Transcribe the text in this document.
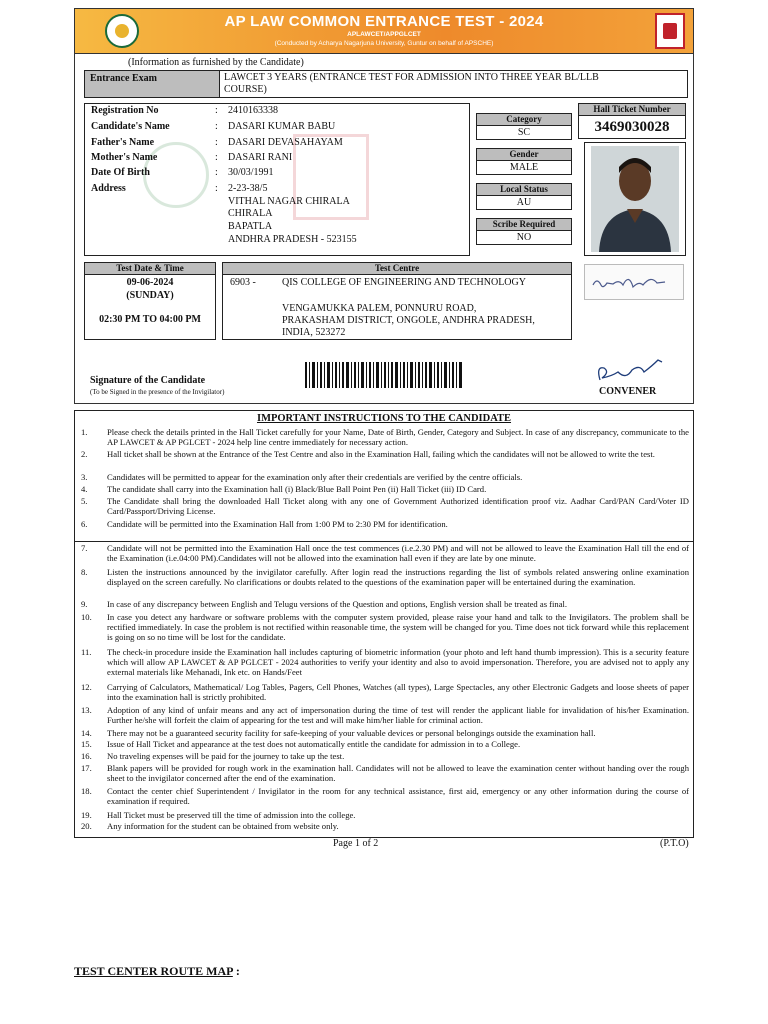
AP LAW COMMON ENTRANCE TEST - 2024
APLAWCET/APPGLCET
(Conducted by Acharya Nagarjuna University, Guntur on behalf of APSCHE)
(Information as furnished by the Candidate)
Entrance Exam	LAWCET 3 YEARS (ENTRANCE TEST FOR ADMISSION INTO THREE YEAR BL/LLB
COURSE)
Registration No	: 2410163338
Candidate's Name	: DASARI KUMAR BABU
Father's Name	: DASARI DEVASAHAYAM
Mother's Name	: DASARI RANI
Date Of Birth	: 30/03/1991
Address	: 2-23-38/5
VITHAL NAGAR CHIRALA
CHIRALA
BAPATLA
ANDHRA PRADESH - 523155
Category
SC
Gender
MALE
Local Status
AU
Scribe Required
NO
Hall Ticket Number
3469030028
Test Date & Time
09-06-2024
(SUNDAY)
02:30 PM TO 04:00 PM
Test Centre
6903 -	QIS COLLEGE OF ENGINEERING AND TECHNOLOGY
VENGAMUKKA PALEM, PONNURU ROAD,
PRAKASHAM DISTRICT, ONGOLE, ANDHRA PRADESH,
INDIA, 523272
CONVENER
Signature of the Candidate
(To be Signed in the presence of the Invigilator)
IMPORTANT INSTRUCTIONS TO THE CANDIDATE
1.	Please check the details printed in the Hall Ticket carefully for your Name, Date of Birth, Gender, Category and Subject. In case of any discrepancy, communicate to the AP LAWCET & AP PGLCET - 2024 help line centre immediately for necessary action.
2.	Hall ticket shall be shown at the Entrance of the Test Centre and also in the Examination Hall, failing which the candidates will not be allowed to write the test.
3.	Candidates will be permitted to appear for the examination only after their credentials are verified by the centre officials.
4.	The candidate shall carry into the Examination hall (i) Black/Blue Ball Point Pen (ii) Hall Ticket (iii) ID Card.
5.	The Candidate shall bring the downloaded Hall Ticket along with any one of Government Authorized identification proof viz. Aadhar Card/PAN Card/Voter ID Card/Passport/Driving License.
6.	Candidate will be permitted into the Examination Hall from 1:00 PM to 2:30 PM for identification.
7.	Candidate will not be permitted into the Examination Hall once the test commences (i.e.2.30 PM) and will not be allowed to leave the Examination Hall till the end of the Examination (i.e.04:00 PM).Candidates will not be allowed into the examination hall even if they are late by one minute.
8.	Listen the instructions announced by the invigilator carefully. After login read the instructions regarding the list of symbols related answering online examination displayed on the screen carefully. No clarifications or doubts related to the questions of the examination paper will be entertained during the examination.
9.	In case of any discrepancy between English and Telugu versions of the Question and options, English version shall be treated as final.
10.	In case you detect any hardware or software problems with the computer system provided, please raise your hand and talk to the Invigilators. The problem shall be rectified immediately. In case the problem is not rectified within reasonable time, the system will be changed for you. Time does not tick forward while this replacement is going on so no time will be lost for the candidate.
11.	The check-in procedure inside the Examination hall includes capturing of biometric information (your photo and left hand thumb impression). This is a security feature which will allow AP LAWCET & AP PGLCET - 2024 authorities to verify your identity and also to avoid impersonation. Therefore, you are advised not to apply any external materials like Mehanadi, Ink etc. on Hands/Feet
12.	Carrying of Calculators, Mathematical/ Log Tables, Pagers, Cell Phones, Watches (all types), Large Spectacles, any other Electronic Gadgets and loose sheets of paper into the examination hall is strictly prohibited.
13.	Adoption of any kind of unfair means and any act of impersonation during the time of test will render the applicant liable for invalidation of his/her Examination. Further he/she will forfeit the claim of appearing for the test and will make him/her liable for criminal action.
14.	There may not be a guaranteed security facility for safe-keeping of your valuable devices or personal belongings outside the examination hall.
15.	Issue of Hall Ticket and appearance at the test does not automatically entitle the candidate for admission in to a College.
16.	No traveling expenses will be paid for the journey to take up the test.
17.	Blank papers will be provided for rough work in the examination hall. Candidates will not be allowed to leave the examination center without handing over the rough sheet to the invigilator concerned after the end of the examination.
18.	Contact the center chief Superintendent / Invigilator in the room for any technical assistance, first aid, emergency or any other information during the course of examination if required.
19.	Hall Ticket must be preserved till the time of admission into the college.
20.	Any information for the student can be obtained from website only.
Page 1 of 2	(P.T.O)
TEST CENTER ROUTE MAP :
